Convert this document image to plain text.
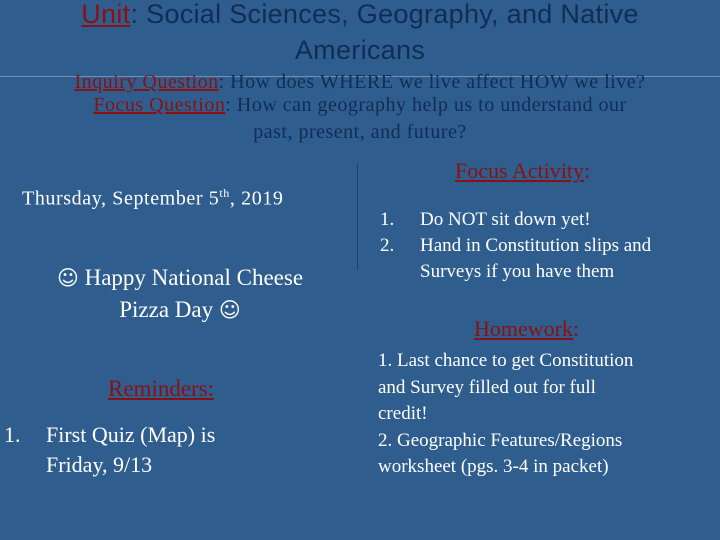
Unit: Social Sciences, Geography, and Native
Americans
Inquiry Question: How does WHERE we live affect HOW we live?
Focus Question: How can geography help us to understand our
past, present, and future?
Thursday, September 5th, 2019
☺ Happy National Cheese
Pizza Day ☺
Reminders:
1. First Quiz (Map) is
Friday, 9/13
Focus Activity:
1. Do NOT sit down yet!
2. Hand in Constitution slips and
Surveys if you have them
Homework:
1. Last chance to get Constitution
and Survey filled out for full
credit!
2. Geographic Features/Regions
worksheet (pgs. 3-4 in packet)
